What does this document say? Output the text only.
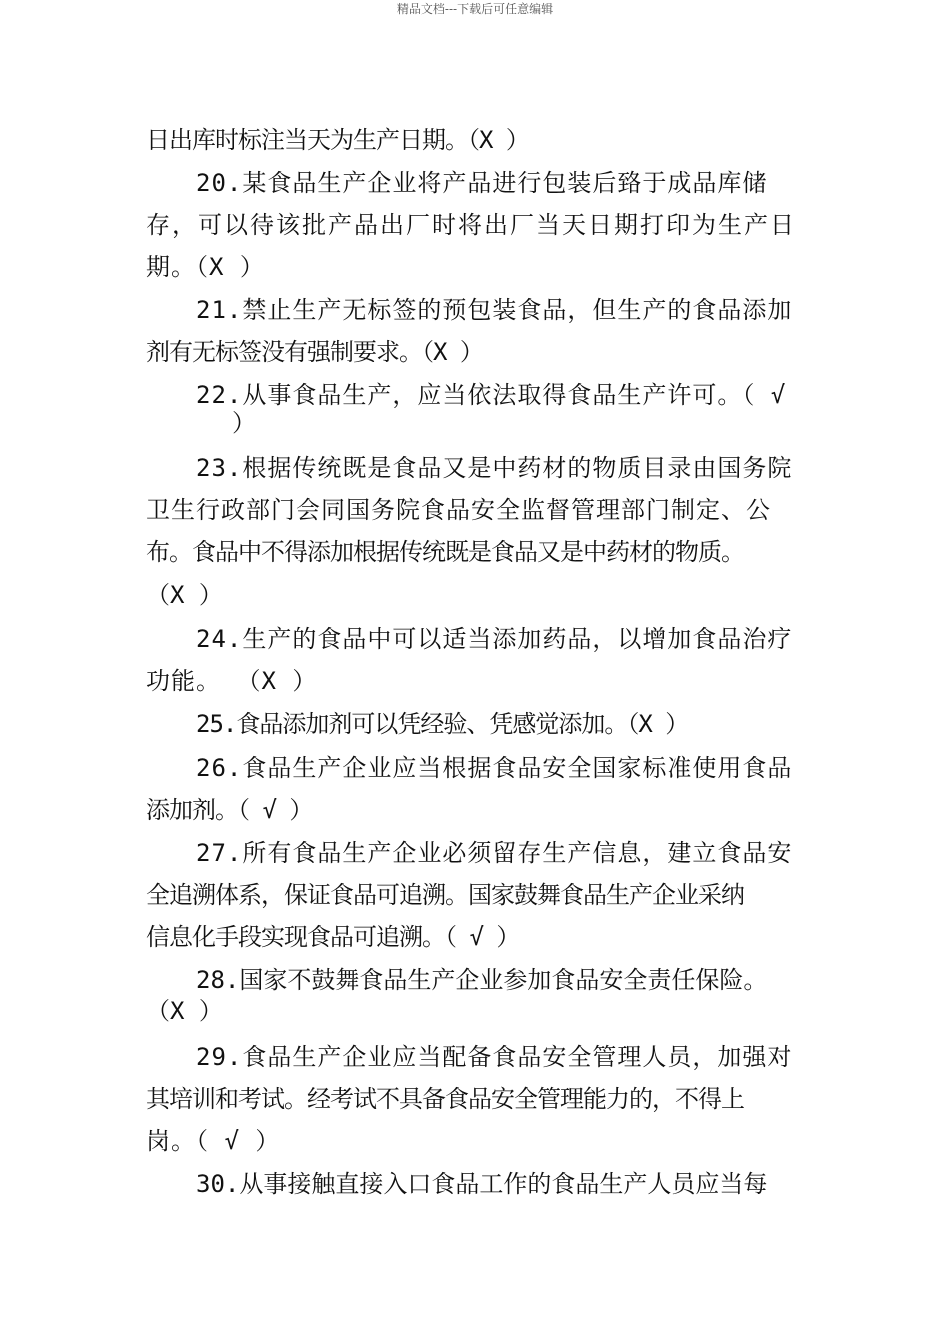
精品文档---下载后可任意编辑
日出库时标注当天为生产日期。（X ）
20.某食品生产企业将产品进行包装后臵于成品库储
存，可以待该批产品出厂时将出厂当天日期打印为生产日
期。（X ）
21.禁止生产无标签的预包装食品，但生产的食品添加
剂有无标签没有强制要求。（X ）
22.从事食品生产，应当依法取得食品生产许可。（ √
）
23.根据传统既是食品又是中药材的物质目录由国务院
卫生行政部门会同国务院食品安全监督管理部门制定、公
布。食品中不得添加根据传统既是食品又是中药材的物质。
（X ）
24.生产的食品中可以适当添加药品，以增加食品治疗
功能。 （X ）
25.食品添加剂可以凭经验、凭感觉添加。（X ）
26.食品生产企业应当根据食品安全国家标准使用食品
添加剂。（ √ ）
27.所有食品生产企业必须留存生产信息，建立食品安
全追溯体系，保证食品可追溯。国家鼓舞食品生产企业采纳
信息化手段实现食品可追溯。（ √ ）
28.国家不鼓舞食品生产企业参加食品安全责任保险。
（X ）
29.食品生产企业应当配备食品安全管理人员，加强对
其培训和考试。经考试不具备食品安全管理能力的，不得上
岗。（ √ ）
30.从事接触直接入口食品工作的食品生产人员应当每
